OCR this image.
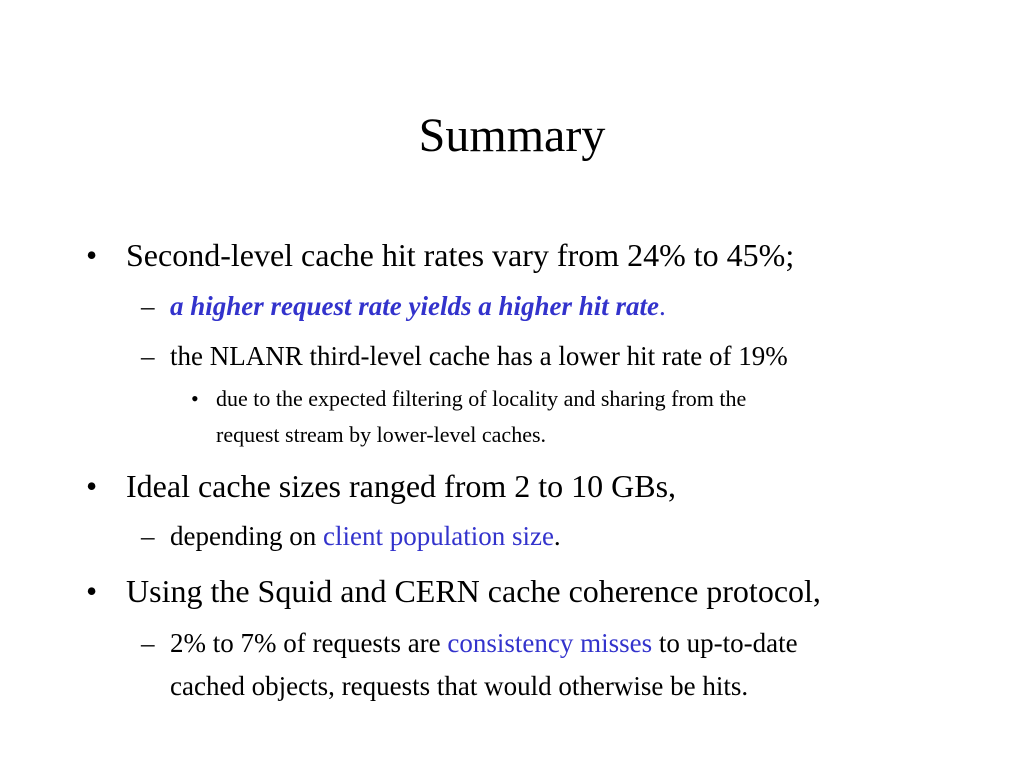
Summary
• Second-level cache hit rates vary from 24% to 45%;
– a higher request rate yields a higher hit rate.
– the NLANR third-level cache has a lower hit rate of 19%
• due to the expected filtering of locality and sharing from the
request stream by lower-level caches.
• Ideal cache sizes ranged from 2 to 10 GBs,
– depending on client population size.
• Using the Squid and CERN cache coherence protocol,
– 2% to 7% of requests are consistency misses to up-to-date
cached objects, requests that would otherwise be hits.
